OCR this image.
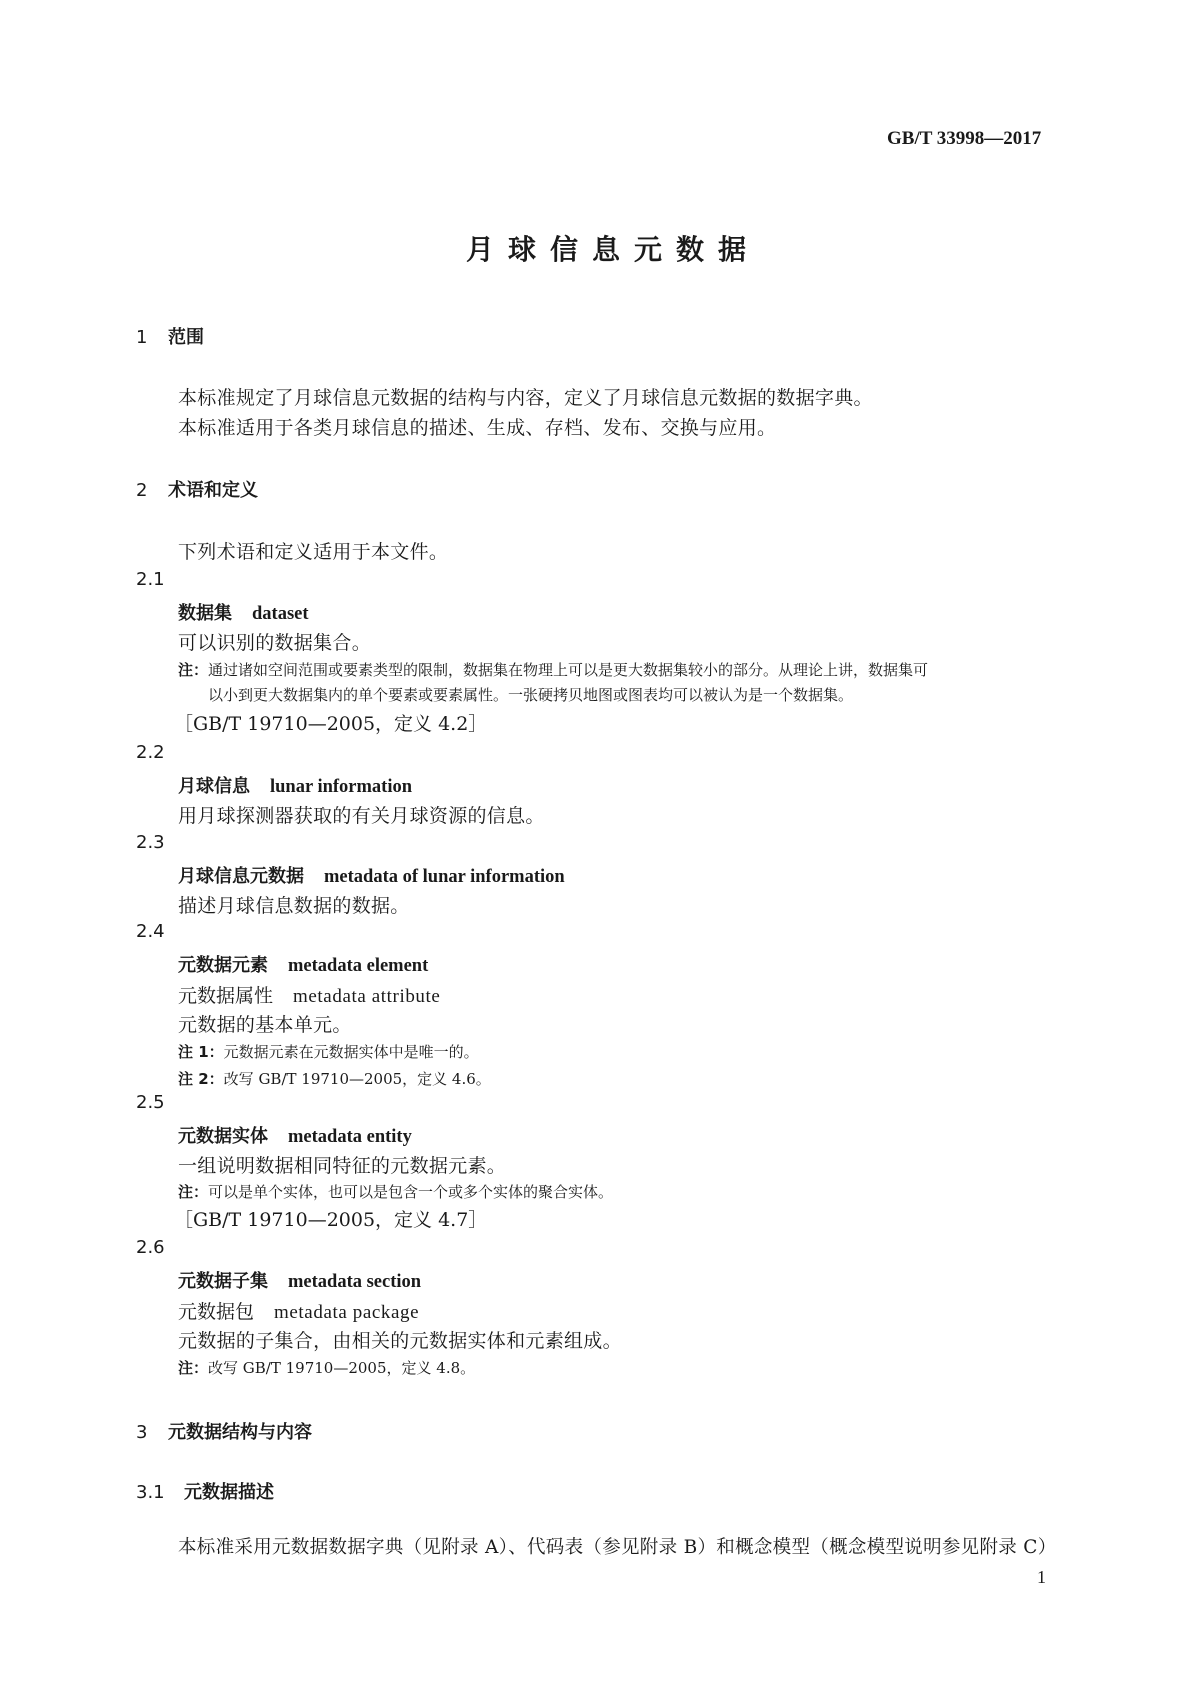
GB/T 33998—2017
月球信息元数据
1 范围
本标准规定了月球信息元数据的结构与内容，定义了月球信息元数据的数据字典。
本标准适用于各类月球信息的描述、生成、存档、发布、交换与应用。
2 术语和定义
下列术语和定义适用于本文件。
2.1
数据集 dataset
可以识别的数据集合。
注：通过诸如空间范围或要素类型的限制，数据集在物理上可以是更大数据集较小的部分。从理论上讲，数据集可
以小到更大数据集内的单个要素或要素属性。一张硬拷贝地图或图表均可以被认为是一个数据集。
［GB/T 19710—2005，定义 4.2］
2.2
月球信息 lunar information
用月球探测器获取的有关月球资源的信息。
2.3
月球信息元数据 metadata of lunar information
描述月球信息数据的数据。
2.4
元数据元素 metadata element
元数据属性 metadata attribute
元数据的基本单元。
注 1：元数据元素在元数据实体中是唯一的。
注 2：改写 GB/T 19710—2005，定义 4.6。
2.5
元数据实体 metadata entity
一组说明数据相同特征的元数据元素。
注：可以是单个实体，也可以是包含一个或多个实体的聚合实体。
［GB/T 19710—2005，定义 4.7］
2.6
元数据子集 metadata section
元数据包 metadata package
元数据的子集合，由相关的元数据实体和元素组成。
注：改写 GB/T 19710—2005，定义 4.8。
3 元数据结构与内容
3.1 元数据描述
本标准采用元数据数据字典（见附录 A）、代码表（参见附录 B）和概念模型（概念模型说明参见附录 C）
1
